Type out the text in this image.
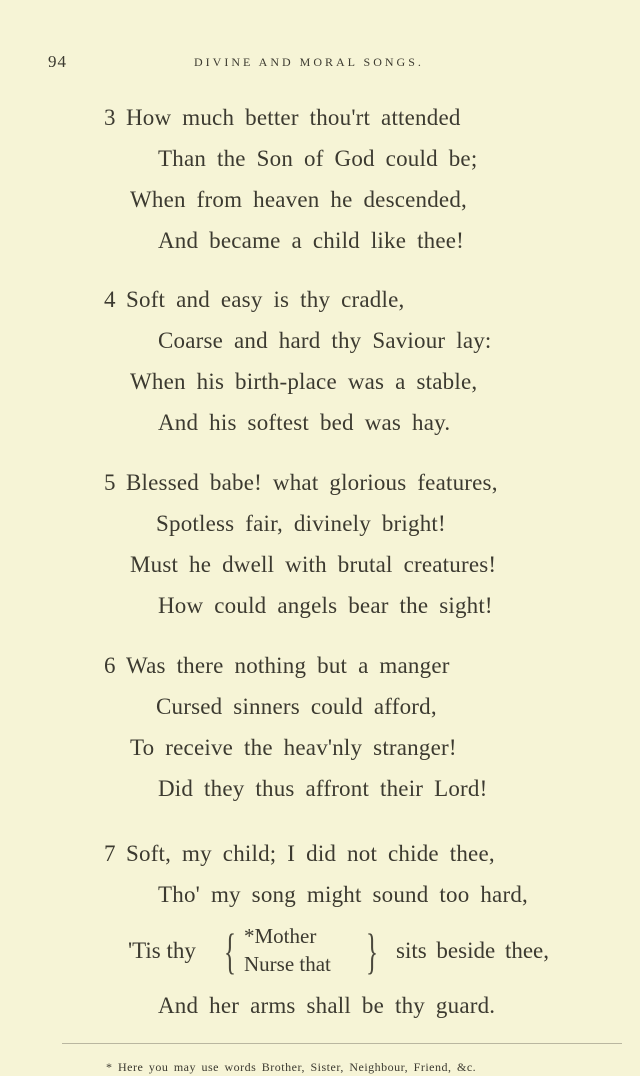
94	DIVINE AND MORAL SONGS.
3 How much better thou'rt attended
Than the Son of God could be;
When from heaven he descended,
And became a child like thee!
4 Soft and easy is thy cradle,
Coarse and hard thy Saviour lay:
When his birth-place was a stable,
And his softest bed was hay.
5 Blessed babe! what glorious features,
Spotless fair, divinely bright!
Must he dwell with brutal creatures!
How could angels bear the sight!
6 Was there nothing but a manger
Cursed sinners could afford,
To receive the heav'nly stranger!
Did they thus affront their Lord!
7 Soft, my child; I did not chide thee,
Tho' my song might sound too hard,
'Tis thy { *Mother
Nurse that } sits beside thee,
And her arms shall be thy guard.
* Here you may use words Brother, Sister, Neighbour, Friend, &c.
